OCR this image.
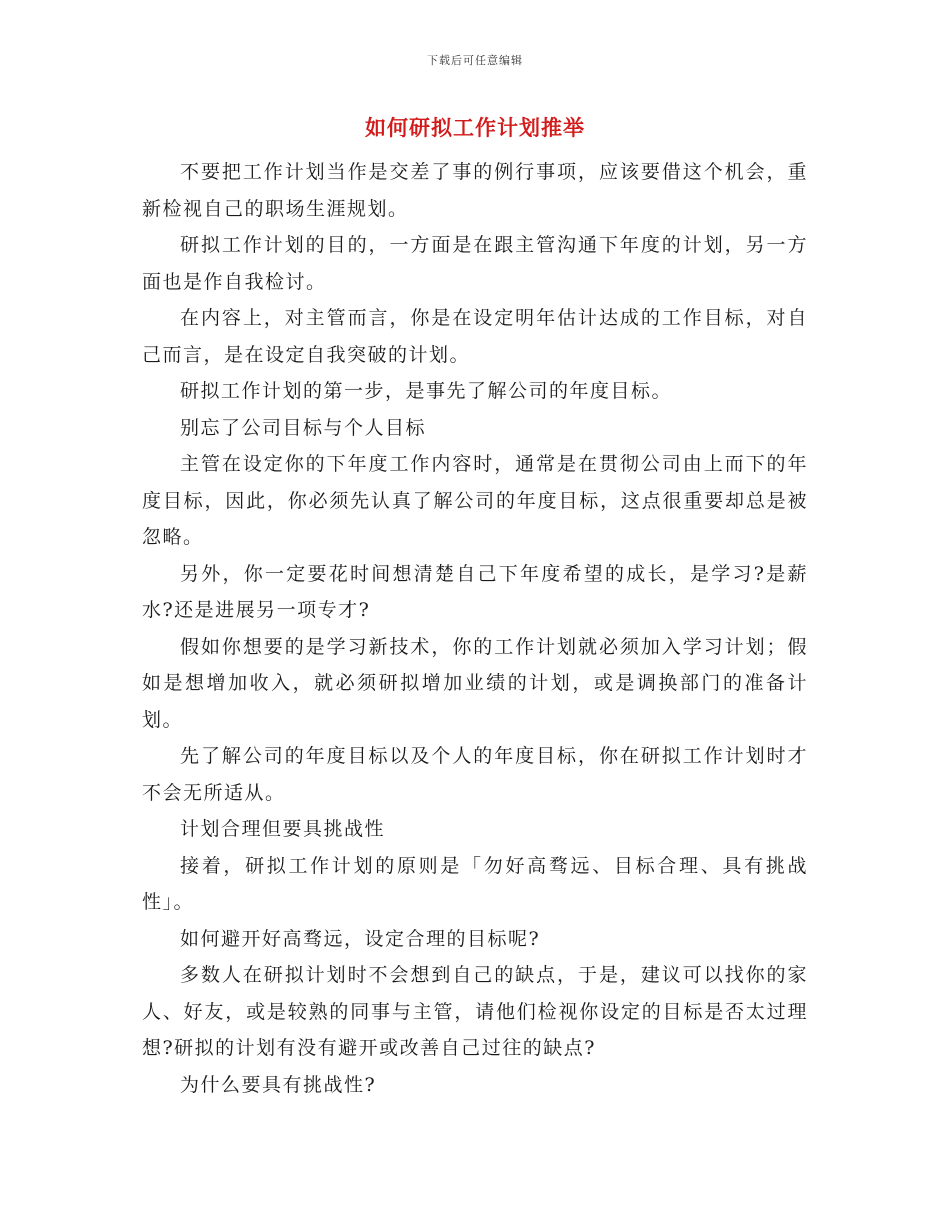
下载后可任意编辑
如何研拟工作计划推举

不要把工作计划当作是交差了事的例行事项，应该要借这个机会，重新检视自己的职场生涯规划。

研拟工作计划的目的，一方面是在跟主管沟通下年度的计划，另一方面也是作自我检讨。

在内容上，对主管而言，你是在设定明年估计达成的工作目标，对自己而言，是在设定自我突破的计划。

研拟工作计划的第一步，是事先了解公司的年度目标。

别忘了公司目标与个人目标

主管在设定你的下年度工作内容时，通常是在贯彻公司由上而下的年度目标，因此，你必须先认真了解公司的年度目标，这点很重要却总是被忽略。

另外，你一定要花时间想清楚自己下年度希望的成长，是学习?是薪水?还是进展另一项专才?

假如你想要的是学习新技术，你的工作计划就必须加入学习计划；假如是想增加收入，就必须研拟增加业绩的计划，或是调换部门的准备计划。

先了解公司的年度目标以及个人的年度目标，你在研拟工作计划时才不会无所适从。

计划合理但要具挑战性

接着，研拟工作计划的原则是「勿好高骛远、目标合理、具有挑战性」。

如何避开好高骛远，设定合理的目标呢?

多数人在研拟计划时不会想到自己的缺点，于是，建议可以找你的家人、好友，或是较熟的同事与主管，请他们检视你设定的目标是否太过理想?研拟的计划有没有避开或改善自己过往的缺点?

为什么要具有挑战性?
